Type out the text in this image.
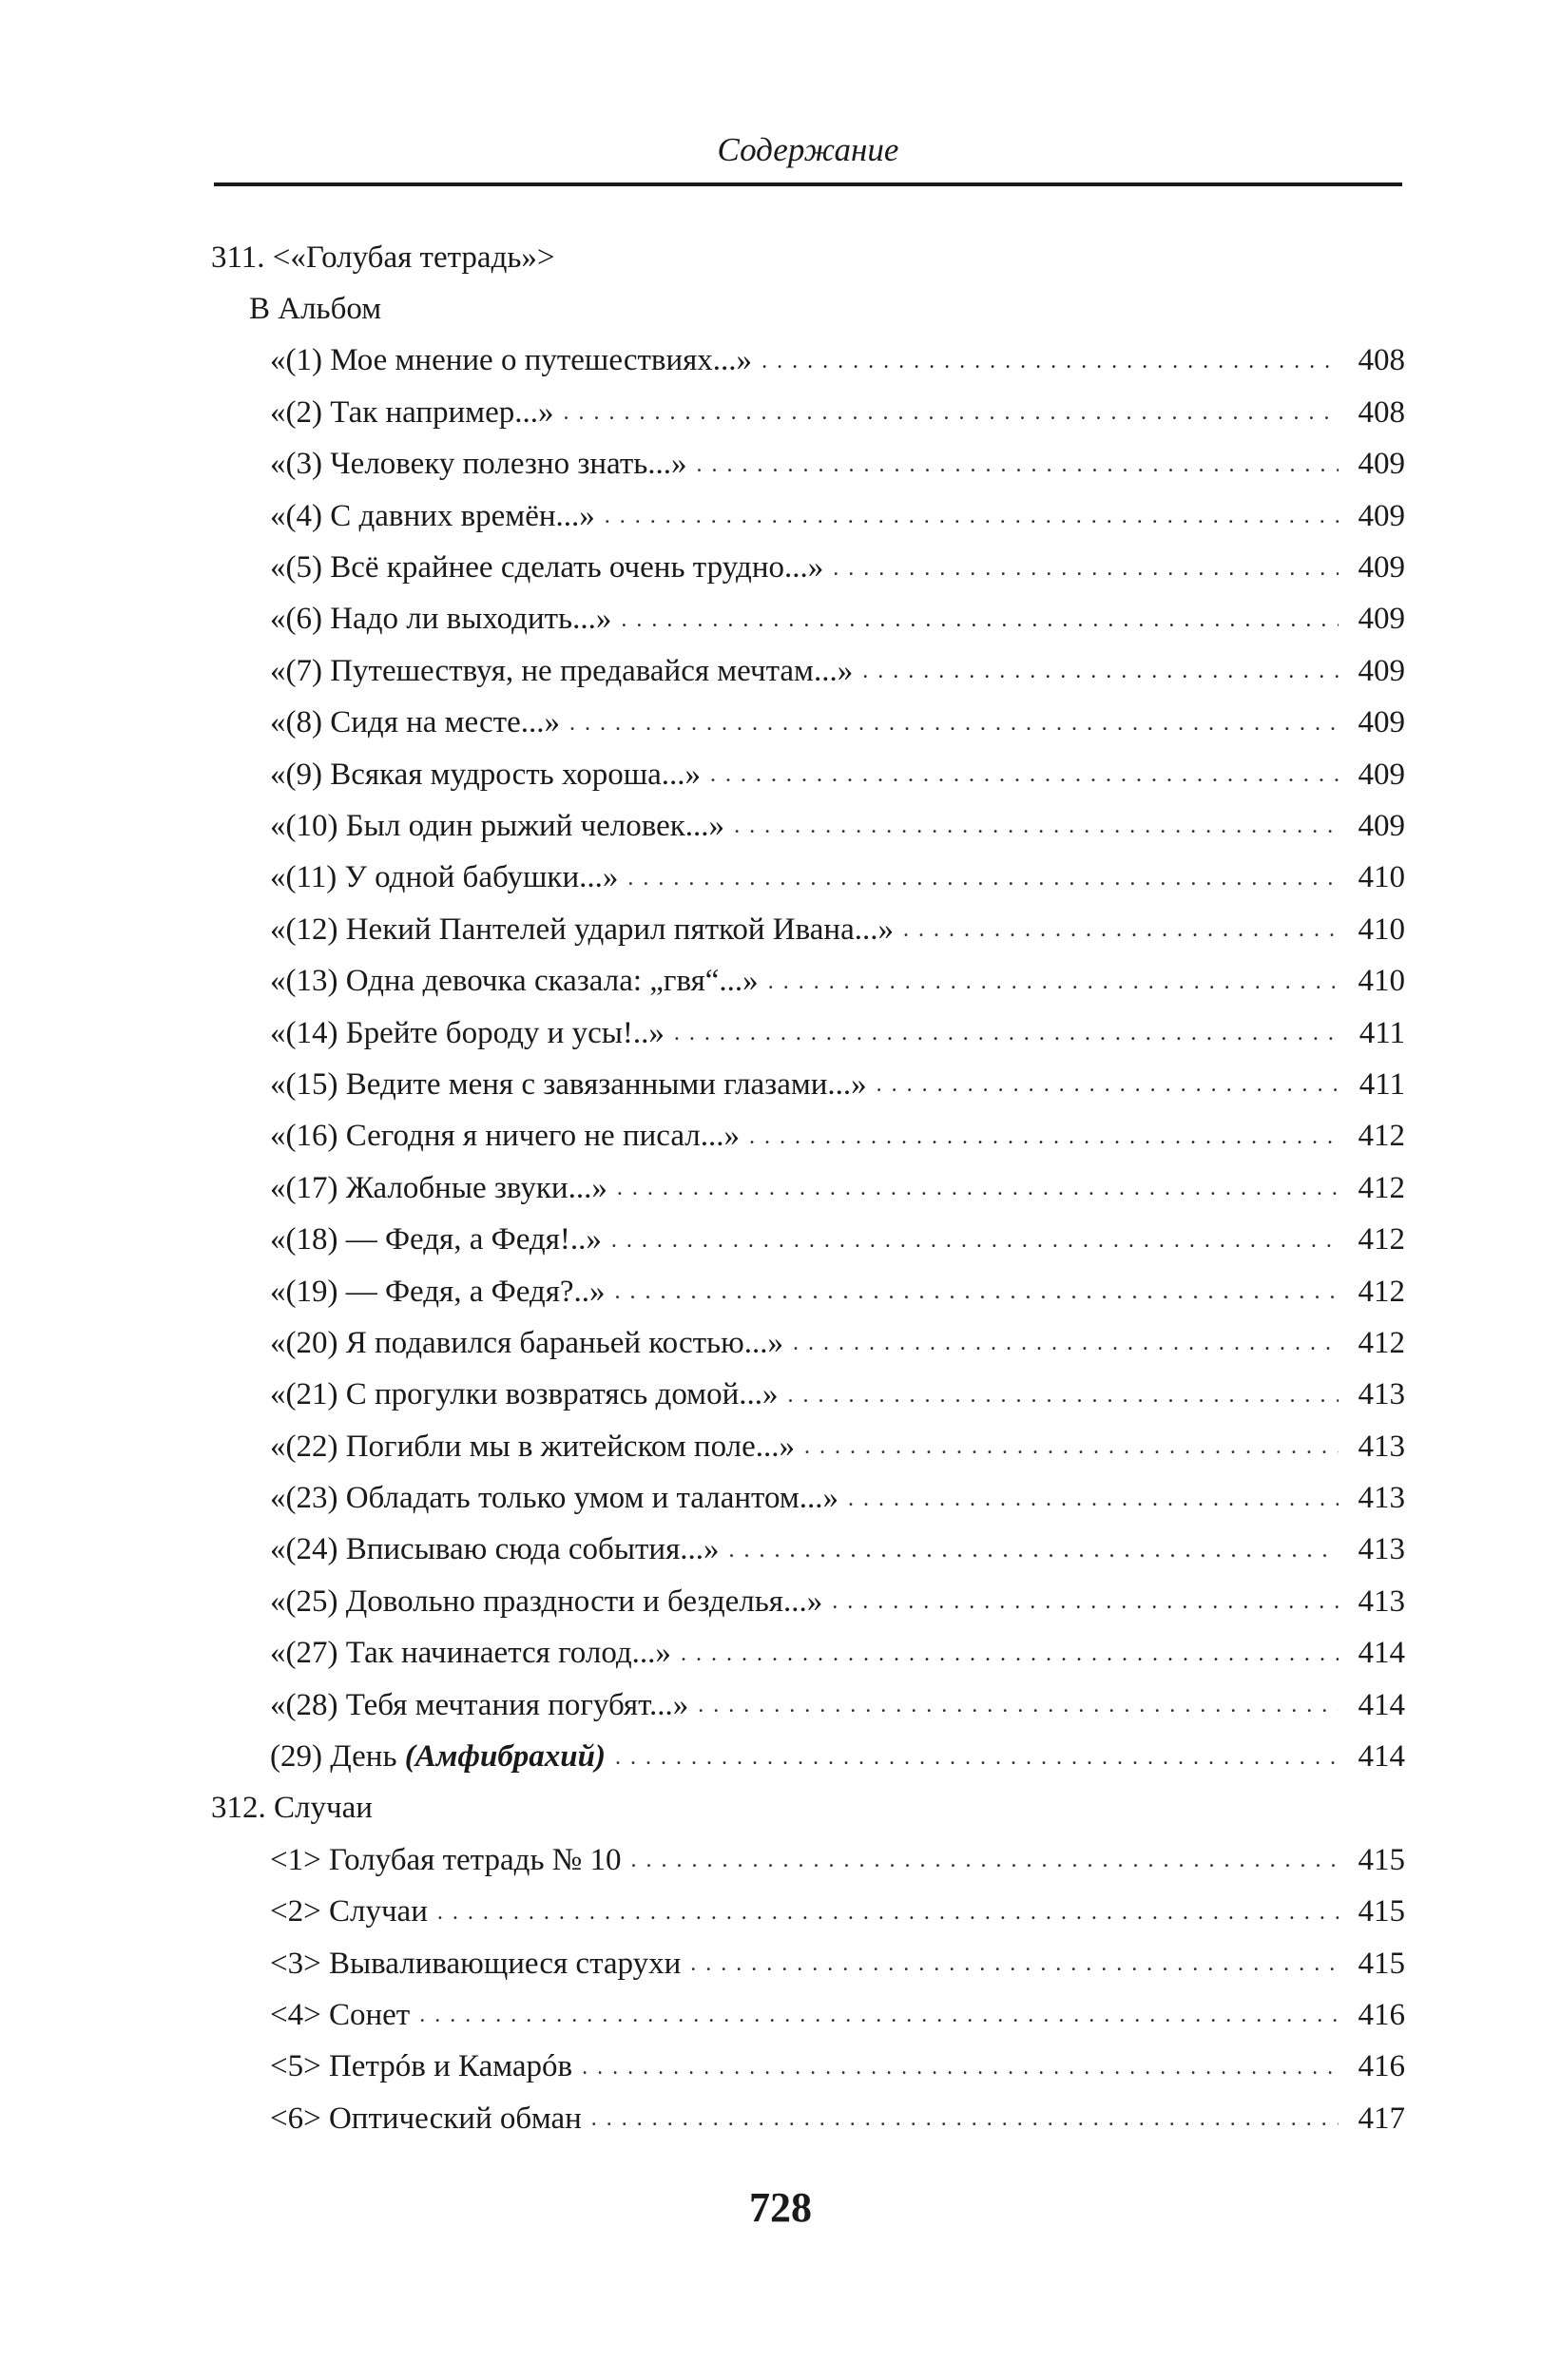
Содержание
311. <«Голубая тетрадь»>
В Альбом
«(1) Мое мнение о путешествиях...» . . .	408
«(2) Так например...» . . .	408
«(3) Человеку полезно знать...» . . .	409
«(4) С давних времён...» . . .	409
«(5) Всё крайнее сделать очень трудно...» . . .	409
«(6) Надо ли выходить...» . . .	409
«(7) Путешествуя, не предавайся мечтам...» . . .	409
«(8) Сидя на месте...» . . .	409
«(9) Всякая мудрость хороша...» . . .	409
«(10) Был один рыжий человек...» . . .	409
«(11) У одной бабушки...» . . .	410
«(12) Некий Пантелей ударил пяткой Ивана...» . . .	410
«(13) Одна девочка сказала: „гвя“...» . . .	410
«(14) Брейте бороду и усы!..» . . .	411
«(15) Ведите меня с завязанными глазами...» . . .	411
«(16) Сегодня я ничего не писал...» . . .	412
«(17) Жалобные звуки...» . . .	412
«(18) — Федя, а Федя!..» . . .	412
«(19) — Федя, а Федя?..» . . .	412
«(20) Я подавился бараньей костью...» . . .	412
«(21) С прогулки возвратясь домой...» . . .	413
«(22) Погибли мы в житейском поле...» . . .	413
«(23) Обладать только умом и талантом...» . . .	413
«(24) Вписываю сюда события...» . . .	413
«(25) Довольно праздности и безделья...» . . .	413
«(27) Так начинается голод...» . . .	414
«(28) Тебя мечтания погубят...» . . .	414
(29) День (Амфибрахий) . . .	414
312. Случаи
<1> Голубая тетрадь № 10 . . .	415
<2> Случаи . . .	415
<3> Вываливающиеся старухи . . .	415
<4> Сонет . . .	416
<5> Петрóв и Камарóв . . .	416
<6> Оптический обман . . .	417
728
